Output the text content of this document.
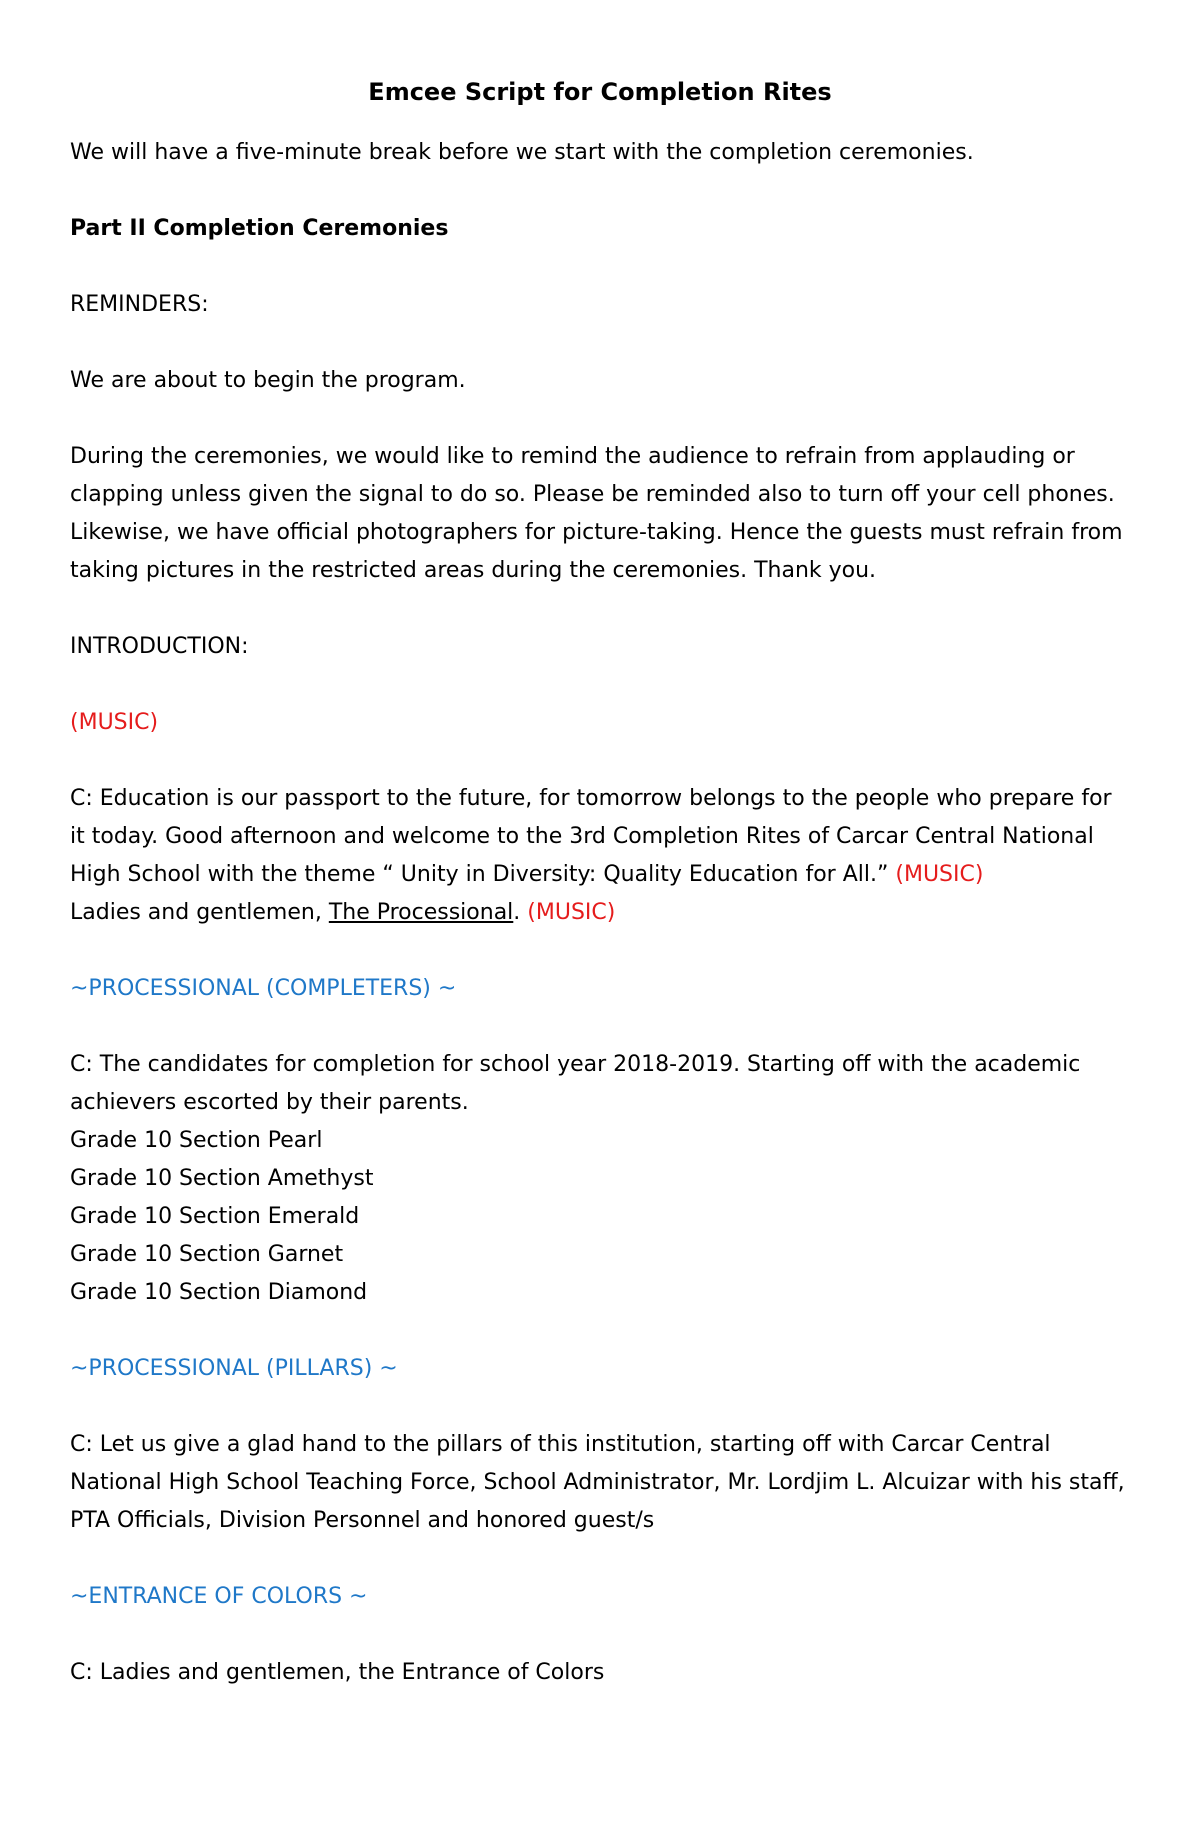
Emcee Script for Completion Rites

We will have a five-minute break before we start with the completion ceremonies.

Part II Completion Ceremonies

REMINDERS:

We are about to begin the program.

During the ceremonies, we would like to remind the audience to refrain from applauding or clapping unless given the signal to do so. Please be reminded also to turn off your cell phones. Likewise, we have official photographers for picture-taking. Hence the guests must refrain from taking pictures in the restricted areas during the ceremonies. Thank you.

INTRODUCTION:

(MUSIC)

C: Education is our passport to the future, for tomorrow belongs to the people who prepare for it today. Good afternoon and welcome to the 3rd Completion Rites of Carcar Central National High School with the theme “ Unity in Diversity: Quality Education for All.” (MUSIC)

Ladies and gentlemen, The Processional. (MUSIC)

~PROCESSIONAL (COMPLETERS) ~

C: The candidates for completion for school year 2018-2019. Starting off with the academic achievers escorted by their parents.

Grade 10 Section Pearl

Grade 10 Section Amethyst

Grade 10 Section Emerald

Grade 10 Section Garnet

Grade 10 Section Diamond

~PROCESSIONAL (PILLARS) ~

C: Let us give a glad hand to the pillars of this institution, starting off with Carcar Central National High School Teaching Force, School Administrator, Mr. Lordjim L. Alcuizar with his staff, PTA Officials, Division Personnel and honored guest/s

~ENTRANCE OF COLORS ~

C: Ladies and gentlemen, the Entrance of Colors
